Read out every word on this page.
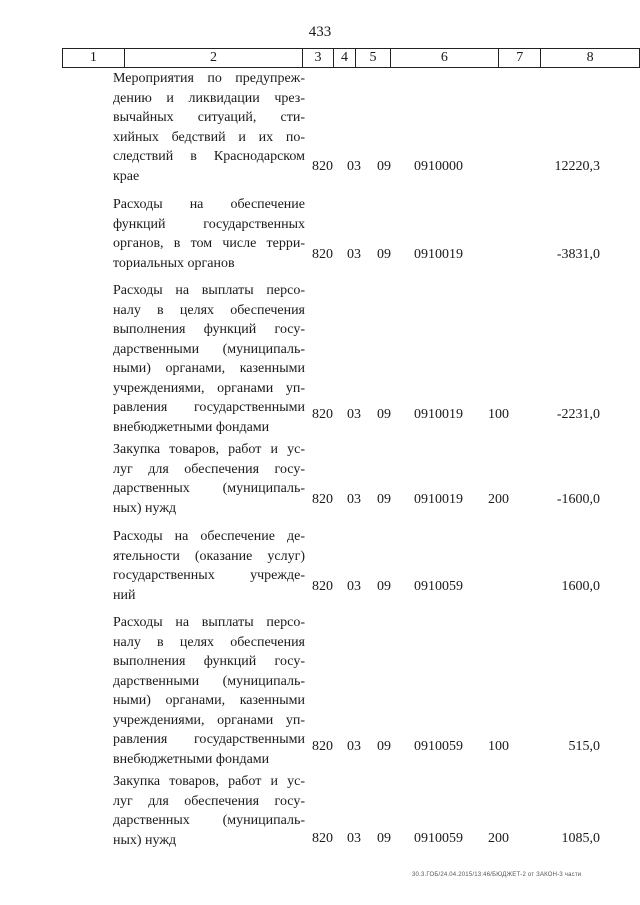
433
1	2	3	4	5	6	7	8
Мероприятия по предупреж-
дению и ликвидации чрез-
вычайных ситуаций, сти-
хийных бедствий и их по-
следствий в Краснодарском
крае
820 03 09 0910000	12220,3
Расходы на обеспечение
функций государственных
органов, в том числе терри-
ториальных органов
820 03 09 0910019	-3831,0
Расходы на выплаты персо-
налу в целях обеспечения
выполнения функций госу-
дарственными (муниципаль-
ными) органами, казенными
учреждениями, органами уп-
равления государственными
внебюджетными фондами
820 03 09 0910019 100	-2231,0
Закупка товаров, работ и ус-
луг для обеспечения госу-
дарственных (муниципаль-
ных) нужд
820 03 09 0910019 200	-1600,0
Расходы на обеспечение де-
ятельности (оказание услуг)
государственных учрежде-
ний
820 03 09 0910059	1600,0
Расходы на выплаты персо-
налу в целях обеспечения
выполнения функций госу-
дарственными (муниципаль-
ными) органами, казенными
учреждениями, органами уп-
равления государственными
внебюджетными фондами
820 03 09 0910059 100	515,0
Закупка товаров, работ и ус-
луг для обеспечения госу-
дарственных (муниципаль-
ных) нужд	820 03 09 0910059 200	1085,0
30.3.ГОБ/24.04.2015/13:46/БЮДЖЕТ-2 от ЗАКОН-3 части
